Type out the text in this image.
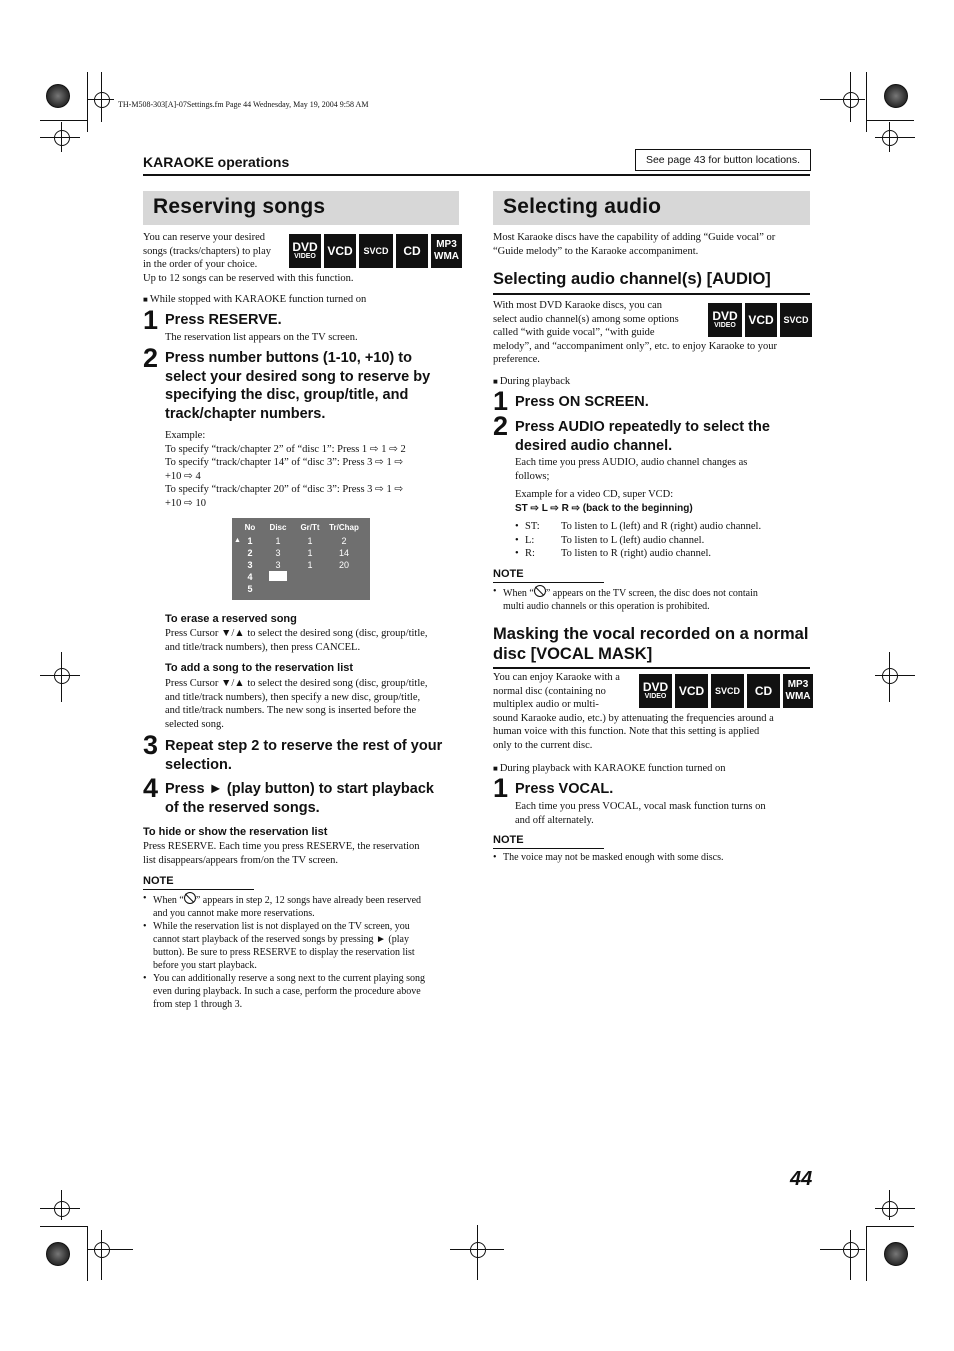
TH-M508-303[A]-07Settings.fm Page 44 Wednesday, May 19, 2004 9:58 AM
KARAOKE operations	See page 43 for button locations.
Reserving songs
You can reserve your desired
songs (tracks/chapters) to play
in the order of your choice.
Up to 12 songs can be reserved with this function.
DVD
VIDEO VCD SVCD CD MP3
WMA
■ While stopped with KARAOKE function turned on
1 Press RESERVE.
The reservation list appears on the TV screen.
2 Press number buttons (1-10, +10) to
select your desired song to reserve by
specifying the disc, group/title, and
track/chapter numbers.
Example:
To specify “track/chapter 2” of “disc 1”: Press 1 ⇨ 1 ⇨ 2
To specify “track/chapter 14” of “disc 3”: Press 3 ⇨ 1 ⇨
+10 ⇨ 4
To specify “track/chapter 20” of “disc 3”: Press 3 ⇨ 1 ⇨
+10 ⇨ 10
No	Disc	Gr/Tt	Tr/Chap
▲ 1	1	1	2
2	3	1	14
3	3	1	20
4
5
To erase a reserved song
Press Cursor ▼/▲ to select the desired song (disc, group/title,
and title/track numbers), then press CANCEL.
To add a song to the reservation list
Press Cursor ▼/▲ to select the desired song (disc, group/title,
and title/track numbers), then specify a new disc, group/title,
and title/track numbers. The new song is inserted before the
selected song.
3 Repeat step 2 to reserve the rest of your
selection.
4 Press ► (play button) to start playback
of the reserved songs.
To hide or show the reservation list
Press RESERVE. Each time you press RESERVE, the reservation
list disappears/appears from/on the TV screen.
NOTE
• When “ ” appears in step 2, 12 songs have already been reserved
and you cannot make more reservations.
• While the reservation list is not displayed on the TV screen, you
cannot start playback of the reserved songs by pressing ► (play
button). Be sure to press RESERVE to display the reservation list
before you start playback.
• You can additionally reserve a song next to the current playing song
even during playback. In such a case, perform the procedure above
from step 1 through 3.
Selecting audio
Most Karaoke discs have the capability of adding “Guide vocal” or
“Guide melody” to the Karaoke accompaniment.
Selecting audio channel(s) [AUDIO]
With most DVD Karaoke discs, you can
select audio channel(s) among some options
called “with guide vocal”, “with guide
melody”, and “accompaniment only”, etc. to enjoy Karaoke to your
preference.
DVD
VIDEO VCD SVCD
■ During playback
1 Press ON SCREEN.
2 Press AUDIO repeatedly to select the
desired audio channel.
Each time you press AUDIO, audio channel changes as
follows;
Example for a video CD, super VCD:
ST ⇨ L ⇨ R ⇨ (back to the beginning)
• ST: To listen to L (left) and R (right) audio channel.
• L:	To listen to L (left) audio channel.
• R: To listen to R (right) audio channel.
NOTE
• When “ ” appears on the TV screen, the disc does not contain
multi audio channels or this operation is prohibited.
Masking the vocal recorded on a normal
disc [VOCAL MASK]
You can enjoy Karaoke with a
normal disc (containing no
multiplex audio or multi-
sound Karaoke audio, etc.) by attenuating the frequencies around a
human voice with this function. Note that this setting is applied
only to the current disc.
DVD
VIDEO VCD SVCD CD MP3
WMA
■ During playback with KARAOKE function turned on
1 Press VOCAL.
Each time you press VOCAL, vocal mask function turns on
and off alternately.
NOTE
• The voice may not be masked enough with some discs.
44
